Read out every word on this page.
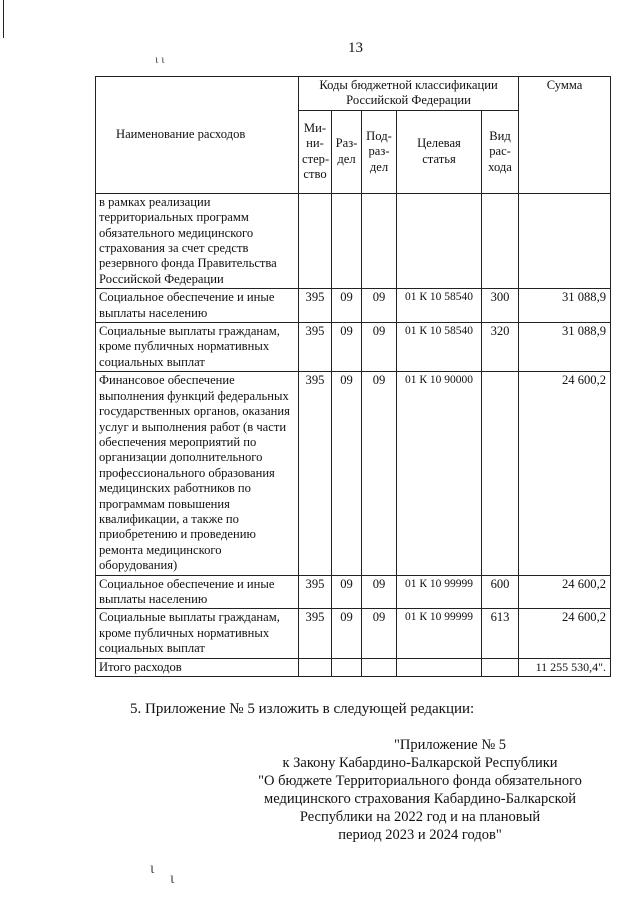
13
ɩ ɩ
Наименование расходов	Коды бюджетной классификации Российской Федерации					Сумма
	Ми- ни- стер- ство	Раз- дел	Под- раз- дел	Целевая статья	Вид рас- хода	
в рамках реализации территориальных программ обязательного медицинского страхования за счет средств резервного фонда Правительства Российской Федерации						
Социальное обеспечение и иные выплаты населению	395	09	09	01 К 10 58540	300	31 088,9
Социальные выплаты гражданам, кроме публичных нормативных социальных выплат	395	09	09	01 К 10 58540	320	31 088,9
Финансовое обеспечение выполнения функций федеральных государственных органов, оказания услуг и выполнения работ (в части обеспечения мероприятий по организации дополнительного профессионального образования медицинских работников по программам повышения квалификации, а также по приобретению и проведению ремонта медицинского оборудования)	395	09	09	01 К 10 90000		24 600,2
Социальное обеспечение и иные выплаты населению	395	09	09	01 К 10 99999	600	24 600,2
Социальные выплаты гражданам, кроме публичных нормативных социальных выплат	395	09	09	01 К 10 99999	613	24 600,2
Итого расходов						11 255 530,4".
5. Приложение № 5 изложить в следующей редакции:
"Приложение № 5
к Закону Кабардино-Балкарской Республики
"О бюджете Территориального фонда обязательного
медицинского страхования Кабардино-Балкарской
Республики на 2022 год и на плановый
период 2023 и 2024 годов"
ɩ
ɩ
